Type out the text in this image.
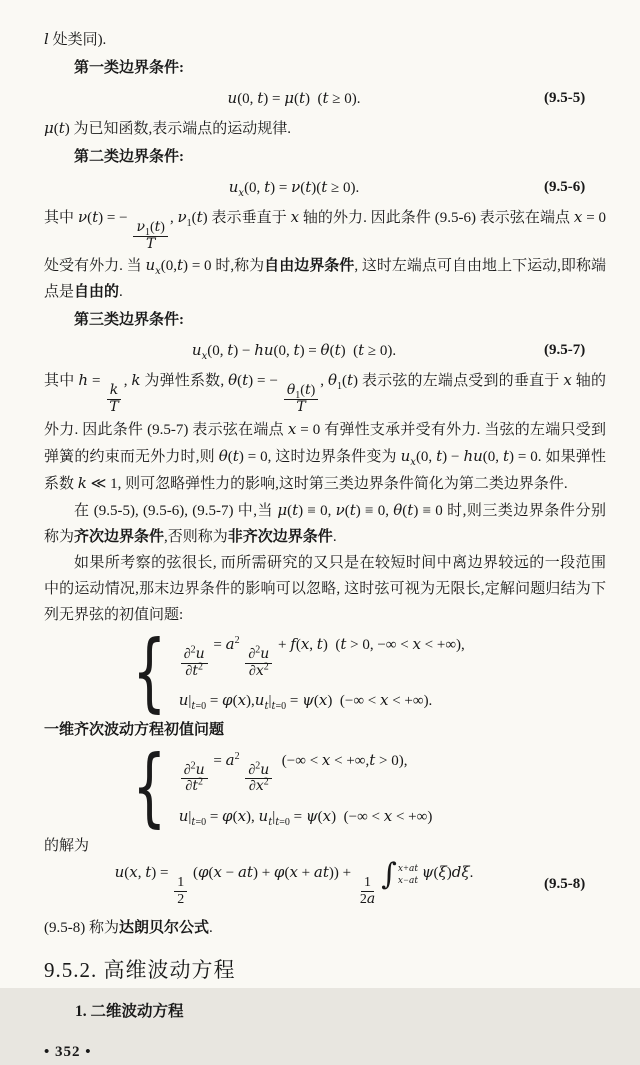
l 处类同).

第一类边界条件:

u(0, t) = μ(t)  (t ≥ 0).	(9.5-5)

μ(t) 为已知函数,表示端点的运动规律.

第二类边界条件:

$u_x(0$, t) = ν(t)(t ≥ 0).	(9.5-6)

其中 ν(t) = −
$\frac{\nu_1(t)}{T}$
, $\nu_1(t)$ 表示垂直于 x 轴的外力. 因此条件 (9.5-6) 表示弦在端点 x = 0 处受有外力. 当 $u_x(0,t) = 0$ 时,称为自由边界条件, 这时左端点可自由地上下运动,即称端点是自由的.

第三类边界条件:

$u_x(0$, t) − hu(0, t) = θ(t)  (t ≥ 0).	(9.5-7)

其中 h =
$\frac{k}{T}$
, k 为弹性系数, θ(t) = −
$\frac{\theta_1(t)}{T}$
, $\theta_1(t)$ 表示弦的左端点受到的垂直于 x 轴的外力. 因此条件 (9.5-7) 表示弦在端点 x = 0 有弹性支承并受有外力. 当弦的左端只受到弹簧的约束而无外力时,则 θ(t) = 0, 这时边界条件变为 $u_x(0$, t) − hu(0, t) = 0. 如果弹性系数 k ≪ 1, 则可忽略弹性力的影响,这时第三类边界条件简化为第二类边界条件.

在 (9.5-5), (9.5-6), (9.5-7) 中,当 μ(t) ≡ 0, ν(t) ≡ 0, θ(t) ≡ 0 时,则三类边界条件分别称为齐次边界条件,否则称为非齐次边界条件.

如果所考察的弦很长, 而所需研究的又只是在较短时间中离边界较远的一段范围中的运动情况,那末边界条件的影响可以忽略, 这时弦可视为无限长,定解问题归结为下列无界弦的初值问题:

{ $\frac{\partial^2u}{\partial t^2}$
= $a^2$
$\frac{\partial^2u}{\partial x^2}$
+ f(x, t)  (t > 0, −∞ < x < +∞),
$u|_{t=0} = \varphi(x),u_t|_{t=0} = \psi(x)$  (−∞ < x < +∞).

一维齐次波动方程初值问题

{ $\frac{\partial^2u}{\partial t^2}$
= $a^2$
$\frac{\partial^2u}{\partial x^2}$
(−∞ < x < +∞,t > 0),
$u|_{t=0} = \varphi(x)$, $u_t|_{t=0} = \psi(x)$  (−∞ < x < +∞)

的解为

u(x, t) =
$\frac{1}{2}$
(φ(x − at) + φ(x + at)) +
$\frac{1}{2a}$ ∫ x+at
x−at ψ(ξ)dξ.
(9.5-8)

(9.5-8) 称为达朗贝尔公式.

9.5.2. 高维波动方程

1. 二维波动方程

• 352 •
